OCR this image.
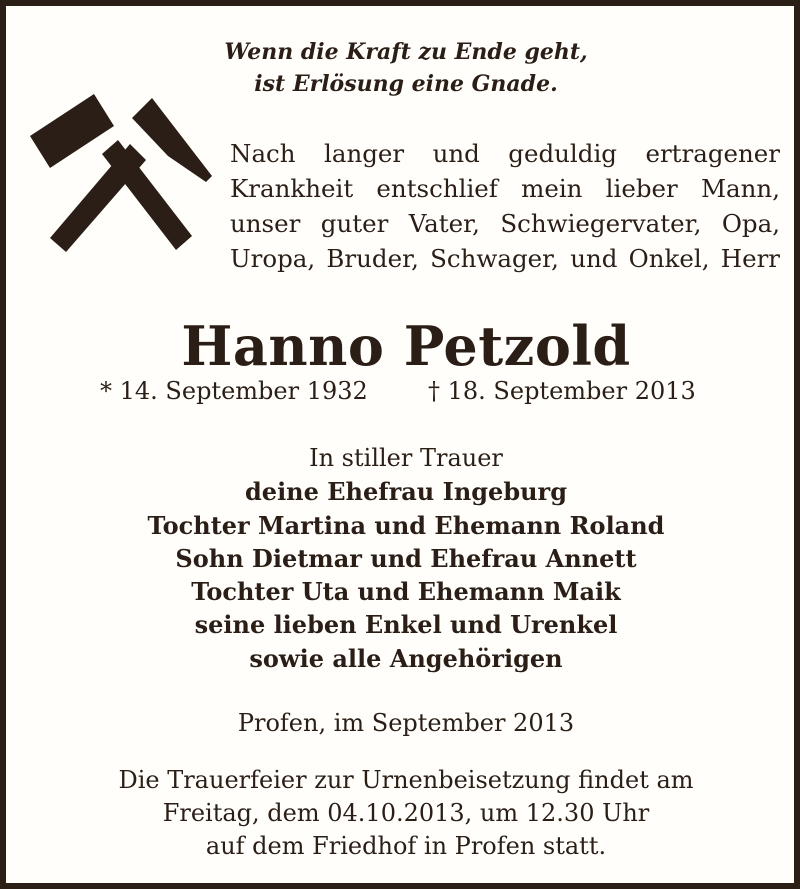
Wenn die Kraft zu Ende geht,
ist Erlösung eine Gnade.
Nach langer und geduldig ertragener
Krankheit entschlief mein lieber Mann,
unser guter Vater, Schwiegervater, Opa,
Uropa, Bruder, Schwager, und Onkel, Herr
Hanno Petzold
* 14. September 1932	† 18. September 2013
In stiller Trauer
deine Ehefrau Ingeburg
Tochter Martina und Ehemann Roland
Sohn Dietmar und Ehefrau Annett
Tochter Uta und Ehemann Maik
seine lieben Enkel und Urenkel
sowie alle Angehörigen
Profen, im September 2013
Die Trauerfeier zur Urnenbeisetzung findet am
Freitag, dem 04.10.2013, um 12.30 Uhr
auf dem Friedhof in Profen statt.
